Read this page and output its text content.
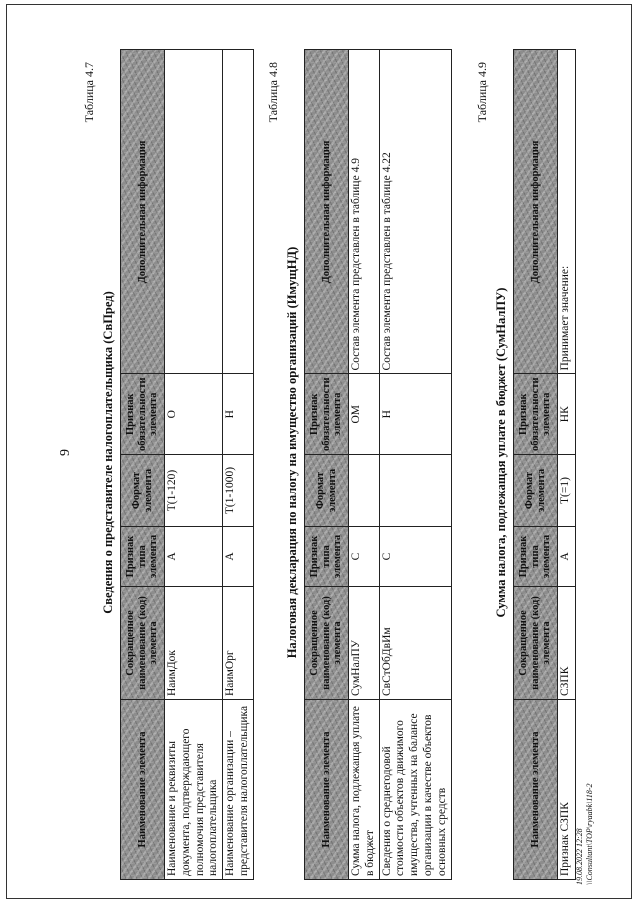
9
Таблица 4.7
Сведения о представителе налогоплательщика (СвПред)
Наименование элемента	Сокращенное наименование (код) элемента	Признак типа элемента	Формат элемента	Признак обязательности элемента	Дополнительная информация
Наименование и реквизиты документа, подтверждающего полномочия представителя налогоплательщика	НаимДок	А	T(1-120)	О	
Наименование организации – представителя налогоплательщика	НаимОрг	А	T(1-1000)	Н	
Таблица 4.8
Налоговая декларация по налогу на имущество организаций (ИмущНД)
Наименование элемента	Сокращенное наименование (код) элемента	Признак типа элемента	Формат элемента	Признак обязательности элемента	Дополнительная информация
Сумма налога, подлежащая уплате в бюджет	СумНалПУ	С		ОМ	Состав элемента представлен в таблице 4.9
Сведения о среднегодовой стоимости объектов движимого имущества, учтенных на балансе организации в качестве объектов основных средств	СвСтОбДвИм	С		Н	Состав элемента представлен в таблице 4.22
Таблица 4.9
Сумма налога, подлежащая уплате в бюджет (СумНалПУ)
Наименование элемента	Сокращенное наименование (код) элемента	Признак типа элемента	Формат элемента	Признак обязательности элемента	Дополнительная информация
Признак СЗПК	СЗПК	А	T(=1)	НК	Принимает значение:
19.08.2022 12:28 \\Consultant\TOP\ryaabk\118-2
